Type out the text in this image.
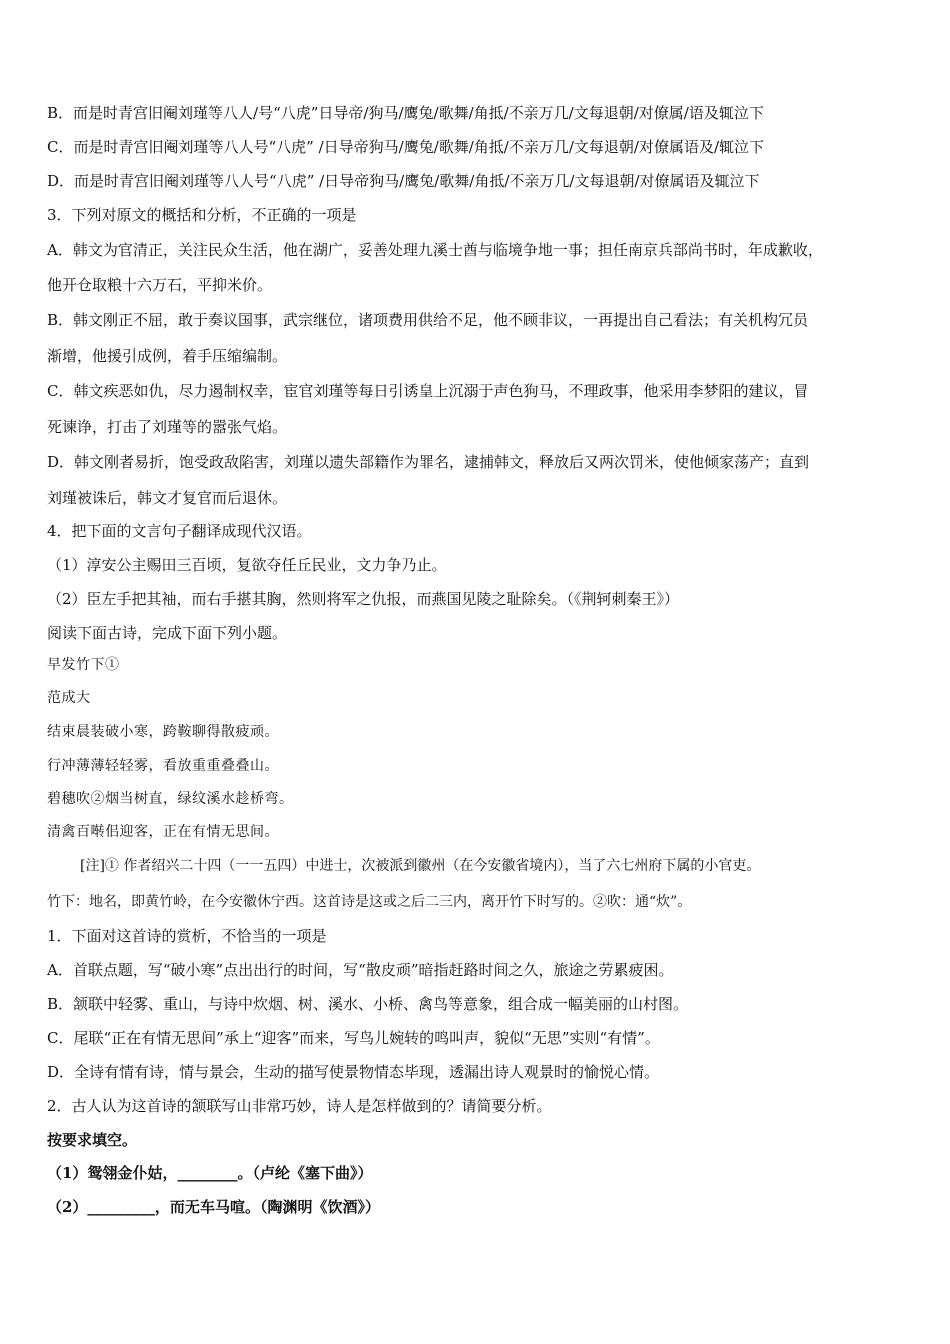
B．而是时青宫旧阉刘瑾等八人/号“八虎”日导帝/狗马/鹰兔/歌舞/角抵/不亲万几/文每退朝/对僚属/语及辄泣下
C．而是时青宫旧阉刘瑾等八人号“八虎” /日导帝狗马/鹰兔/歌舞/角抵/不亲万几/文每退朝/对僚属语及/辄泣下
D．而是时青宫旧阉刘瑾等八人号“八虎” /日导帝狗马/鹰兔/歌舞/角抵/不亲万几/文每退朝/对僚属语及辄泣下
3．下列对原文的概括和分析，不正确的一项是
A．韩文为官清正，关注民众生活，他在湖广，妥善处理九溪士酋与临境争地一事；担任南京兵部尚书时，年成歉收，
他开仓取粮十六万石，平抑米价。
B．韩文刚正不屈，敢于奏议国事，武宗继位，诸项费用供给不足，他不顾非议，一再提出自己看法；有关机构冗员
渐增，他援引成例，着手压缩编制。
C．韩文疾恶如仇，尽力遏制权幸，宦官刘瑾等每日引诱皇上沉溺于声色狗马，不理政事，他采用李梦阳的建议，冒
死谏诤，打击了刘瑾等的嚣张气焰。
D．韩文刚者易折，饱受政敌陷害，刘瑾以遗失部籍作为罪名，逮捕韩文，释放后又两次罚米，使他倾家荡产；直到
刘瑾被诛后，韩文才复官而后退休。
4．把下面的文言句子翻译成现代汉语。
（1）淳安公主赐田三百顷，复欲夺任丘民业，文力争乃止。
（2）臣左手把其袖，而右手揕其胸，然则将军之仇报，而燕国见陵之耻除矣。（《荆轲刺秦王》）
阅读下面古诗，完成下面下列小题。
早发竹下①
范成大
结束晨装破小寒，跨鞍聊得散疲顽。
行冲薄薄轻轻雾，看放重重叠叠山。
碧穗吹②烟当树直，绿纹溪水趁桥弯。
清禽百啭佀迎客，正在有情无思间。
[注]① 作者绍兴二十四（一一五四）中进士，次被派到徽州（在今安徽省境内），当了六七州府下属的小官吏。
竹下：地名，即黄竹岭，在今安徽休宁西。这首诗是这或之后二三内，离开竹下时写的。②吹：通“炊”。
1．下面对这首诗的赏析，不恰当的一项是
A．首联点题，写“破小寒”点出出行的时间，写“散皮顽”暗指赶路时间之久，旅途之劳累疲困。
B．颔联中轻雾、重山，与诗中炊烟、树、溪水、小桥、禽鸟等意象，组合成一幅美丽的山村图。
C．尾联“正在有情无思间”承上“迎客”而来，写鸟儿婉转的鸣叫声，貌似“无思”实则“有情”。
D．全诗有情有诗，情与景会，生动的描写使景物情态毕现，透漏出诗人观景时的愉悦心情。
2．古人认为这首诗的颔联写山非常巧妙，诗人是怎样做到的？请简要分析。
按要求填空。
（1）鸳翎金仆姑，________。（卢纶《塞下曲》）
（2）_________，而无车马喧。（陶渊明《饮酒》）
